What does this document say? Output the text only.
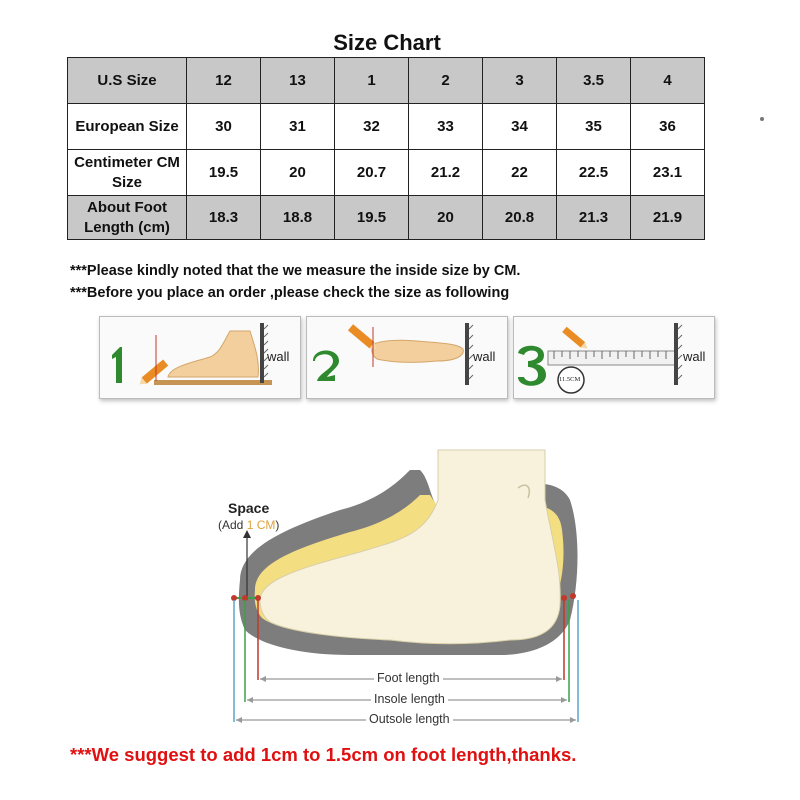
Size Chart
U.S Size	12	13	1	2	3	3.5	4
European Size	30	31	32	33	34	35	36
Centimeter CM Size	19.5	20	20.7	21.2	22	22.5	23.1
About Foot Length (cm)	18.3	18.8	19.5	20	20.8	21.3	21.9
***Please kindly noted that the we measure the inside size by CM.
***Before you place an order ,please check the size as following
wall	wall	wall
11.5CM
Space
(Add 1 CM)
Foot length
Insole length
Outsole length
***We suggest to add 1cm to 1.5cm on foot length,thanks.
